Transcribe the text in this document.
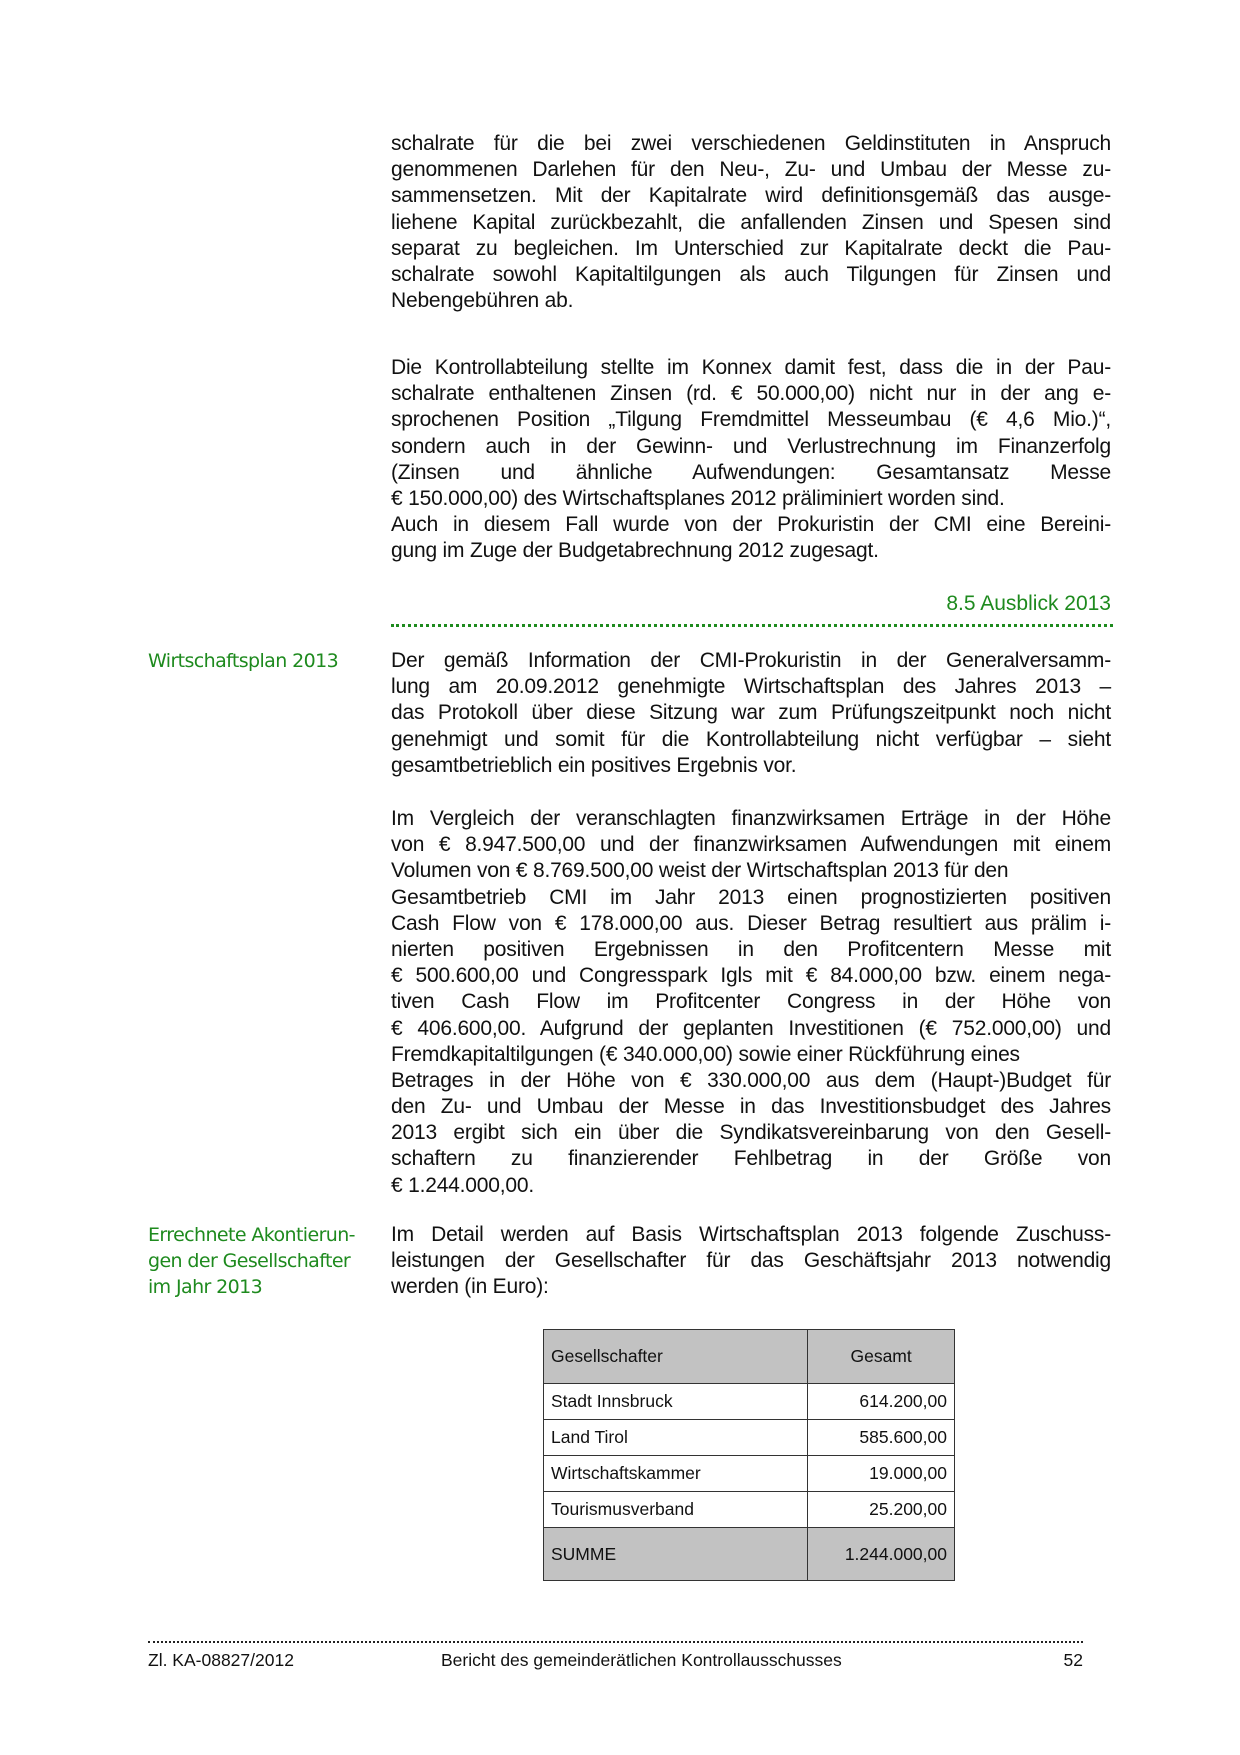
schalrate für die bei zwei verschiedenen Geldinstituten in Anspruch
genommenen Darlehen für den Neu-, Zu- und Umbau der Messe zu-
sammensetzen. Mit der Kapitalrate wird definitionsgemäß das ausge-
liehene Kapital zurückbezahlt, die anfallenden Zinsen und Spesen sind
separat zu begleichen. Im Unterschied zur Kapitalrate deckt die Pau-
schalrate sowohl Kapitaltilgungen als auch Tilgungen für Zinsen und
Nebengebühren ab.
Die Kontrollabteilung stellte im Konnex damit fest, dass die in der Pau-
schalrate enthaltenen Zinsen (rd. € 50.000,00) nicht nur in der ang e-
sprochenen Position „Tilgung Fremdmittel Messeumbau (€ 4,6 Mio.)“,
sondern auch in der Gewinn- und Verlustrechnung im Finanzerfolg
(Zinsen und ähnliche Aufwendungen: Gesamtansatz Messe
€ 150.000,00) des Wirtschaftsplanes 2012 präliminiert worden sind.
Auch in diesem Fall wurde von der Prokuristin der CMI eine Bereini-
gung im Zuge der Budgetabrechnung 2012 zugesagt.
8.5 Ausblick 2013
Wirtschaftsplan 2013	Der gemäß Information der CMI-Prokuristin in der Generalversamm-
lung am 20.09.2012 genehmigte Wirtschaftsplan des Jahres 2013 –
das Protokoll über diese Sitzung war zum Prüfungszeitpunkt noch nicht
genehmigt und somit für die Kontrollabteilung nicht verfügbar – sieht
gesamtbetrieblich ein positives Ergebnis vor.
Im Vergleich der veranschlagten finanzwirksamen Erträge in der Höhe
von € 8.947.500,00 und der finanzwirksamen Aufwendungen mit einem
Volumen von € 8.769.500,00 weist der Wirtschaftsplan 2013 für den
Gesamtbetrieb CMI im Jahr 2013 einen prognostizierten positiven
Cash Flow von € 178.000,00 aus. Dieser Betrag resultiert aus prälim i-
nierten positiven Ergebnissen in den Profitcentern Messe mit
€ 500.600,00 und Congresspark Igls mit € 84.000,00 bzw. einem nega-
tiven Cash Flow im Profitcenter Congress in der Höhe von
€ 406.600,00. Aufgrund der geplanten Investitionen (€ 752.000,00) und
Fremdkapitaltilgungen (€ 340.000,00) sowie einer Rückführung eines
Betrages in der Höhe von € 330.000,00 aus dem (Haupt-)Budget für
den Zu- und Umbau der Messe in das Investitionsbudget des Jahres
2013 ergibt sich ein über die Syndikatsvereinbarung von den Gesell-
schaftern zu finanzierender Fehlbetrag in der Größe von
€ 1.244.000,00.
Errechnete Akontierun-
gen der Gesellschafter
im Jahr 2013
Im Detail werden auf Basis Wirtschaftsplan 2013 folgende Zuschuss-
leistungen der Gesellschafter für das Geschäftsjahr 2013 notwendig
werden (in Euro):
Gesellschafter	Gesamt
Stadt Innsbruck	614.200,00
Land Tirol	585.600,00
Wirtschaftskammer	19.000,00
Tourismusverband	25.200,00
SUMME	1.244.000,00
Zl. KA-08827/2012	Bericht des gemeinderätlichen Kontrollausschusses	52
